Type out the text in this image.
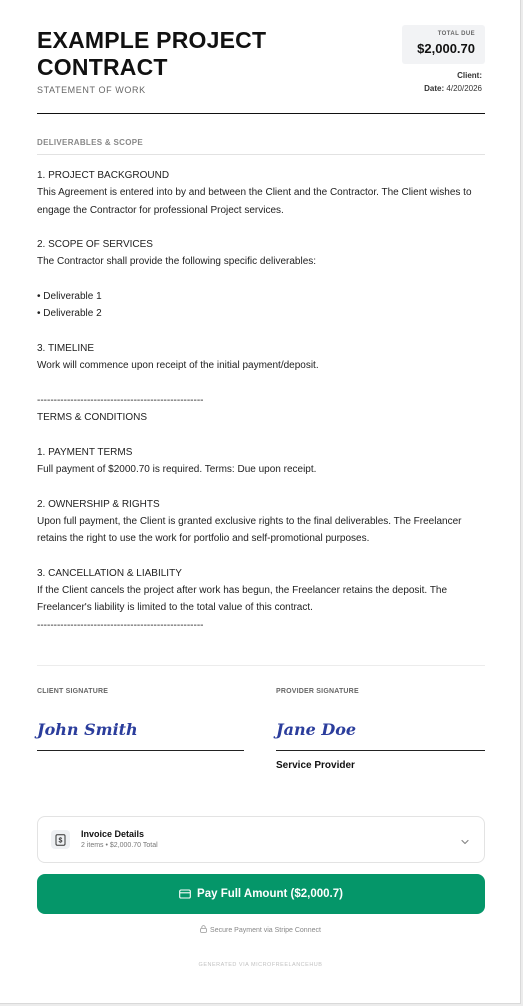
EXAMPLE PROJECT CONTRACT
STATEMENT OF WORK
TOTAL DUE
$2,000.70
Client:
Date: 4/20/2026
DELIVERABLES & SCOPE
1. PROJECT BACKGROUND
This Agreement is entered into by and between the Client and the Contractor. The Client wishes to engage the Contractor for professional Project services.

2. SCOPE OF SERVICES
The Contractor shall provide the following specific deliverables:

• Deliverable 1
• Deliverable 2

3. TIMELINE
Work will commence upon receipt of the initial payment/deposit.

--------------------------------------------------
TERMS & CONDITIONS

1. PAYMENT TERMS
Full payment of $2000.70 is required. Terms: Due upon receipt.

2. OWNERSHIP & RIGHTS
Upon full payment, the Client is granted exclusive rights to the final deliverables. The Freelancer retains the right to use the work for portfolio and self-promotional purposes.

3. CANCELLATION & LIABILITY
If the Client cancels the project after work has begun, the Freelancer retains the deposit. The Freelancer's liability is limited to the total value of this contract.
--------------------------------------------------
CLIENT SIGNATURE
John Smith
PROVIDER SIGNATURE
Jane Doe
Service Provider
$
Invoice Details
2 items • $2,000.70 Total
Pay Full Amount ($2,000.7)
Secure Payment via Stripe Connect
GENERATED VIA MICROFREELANCEHUB
